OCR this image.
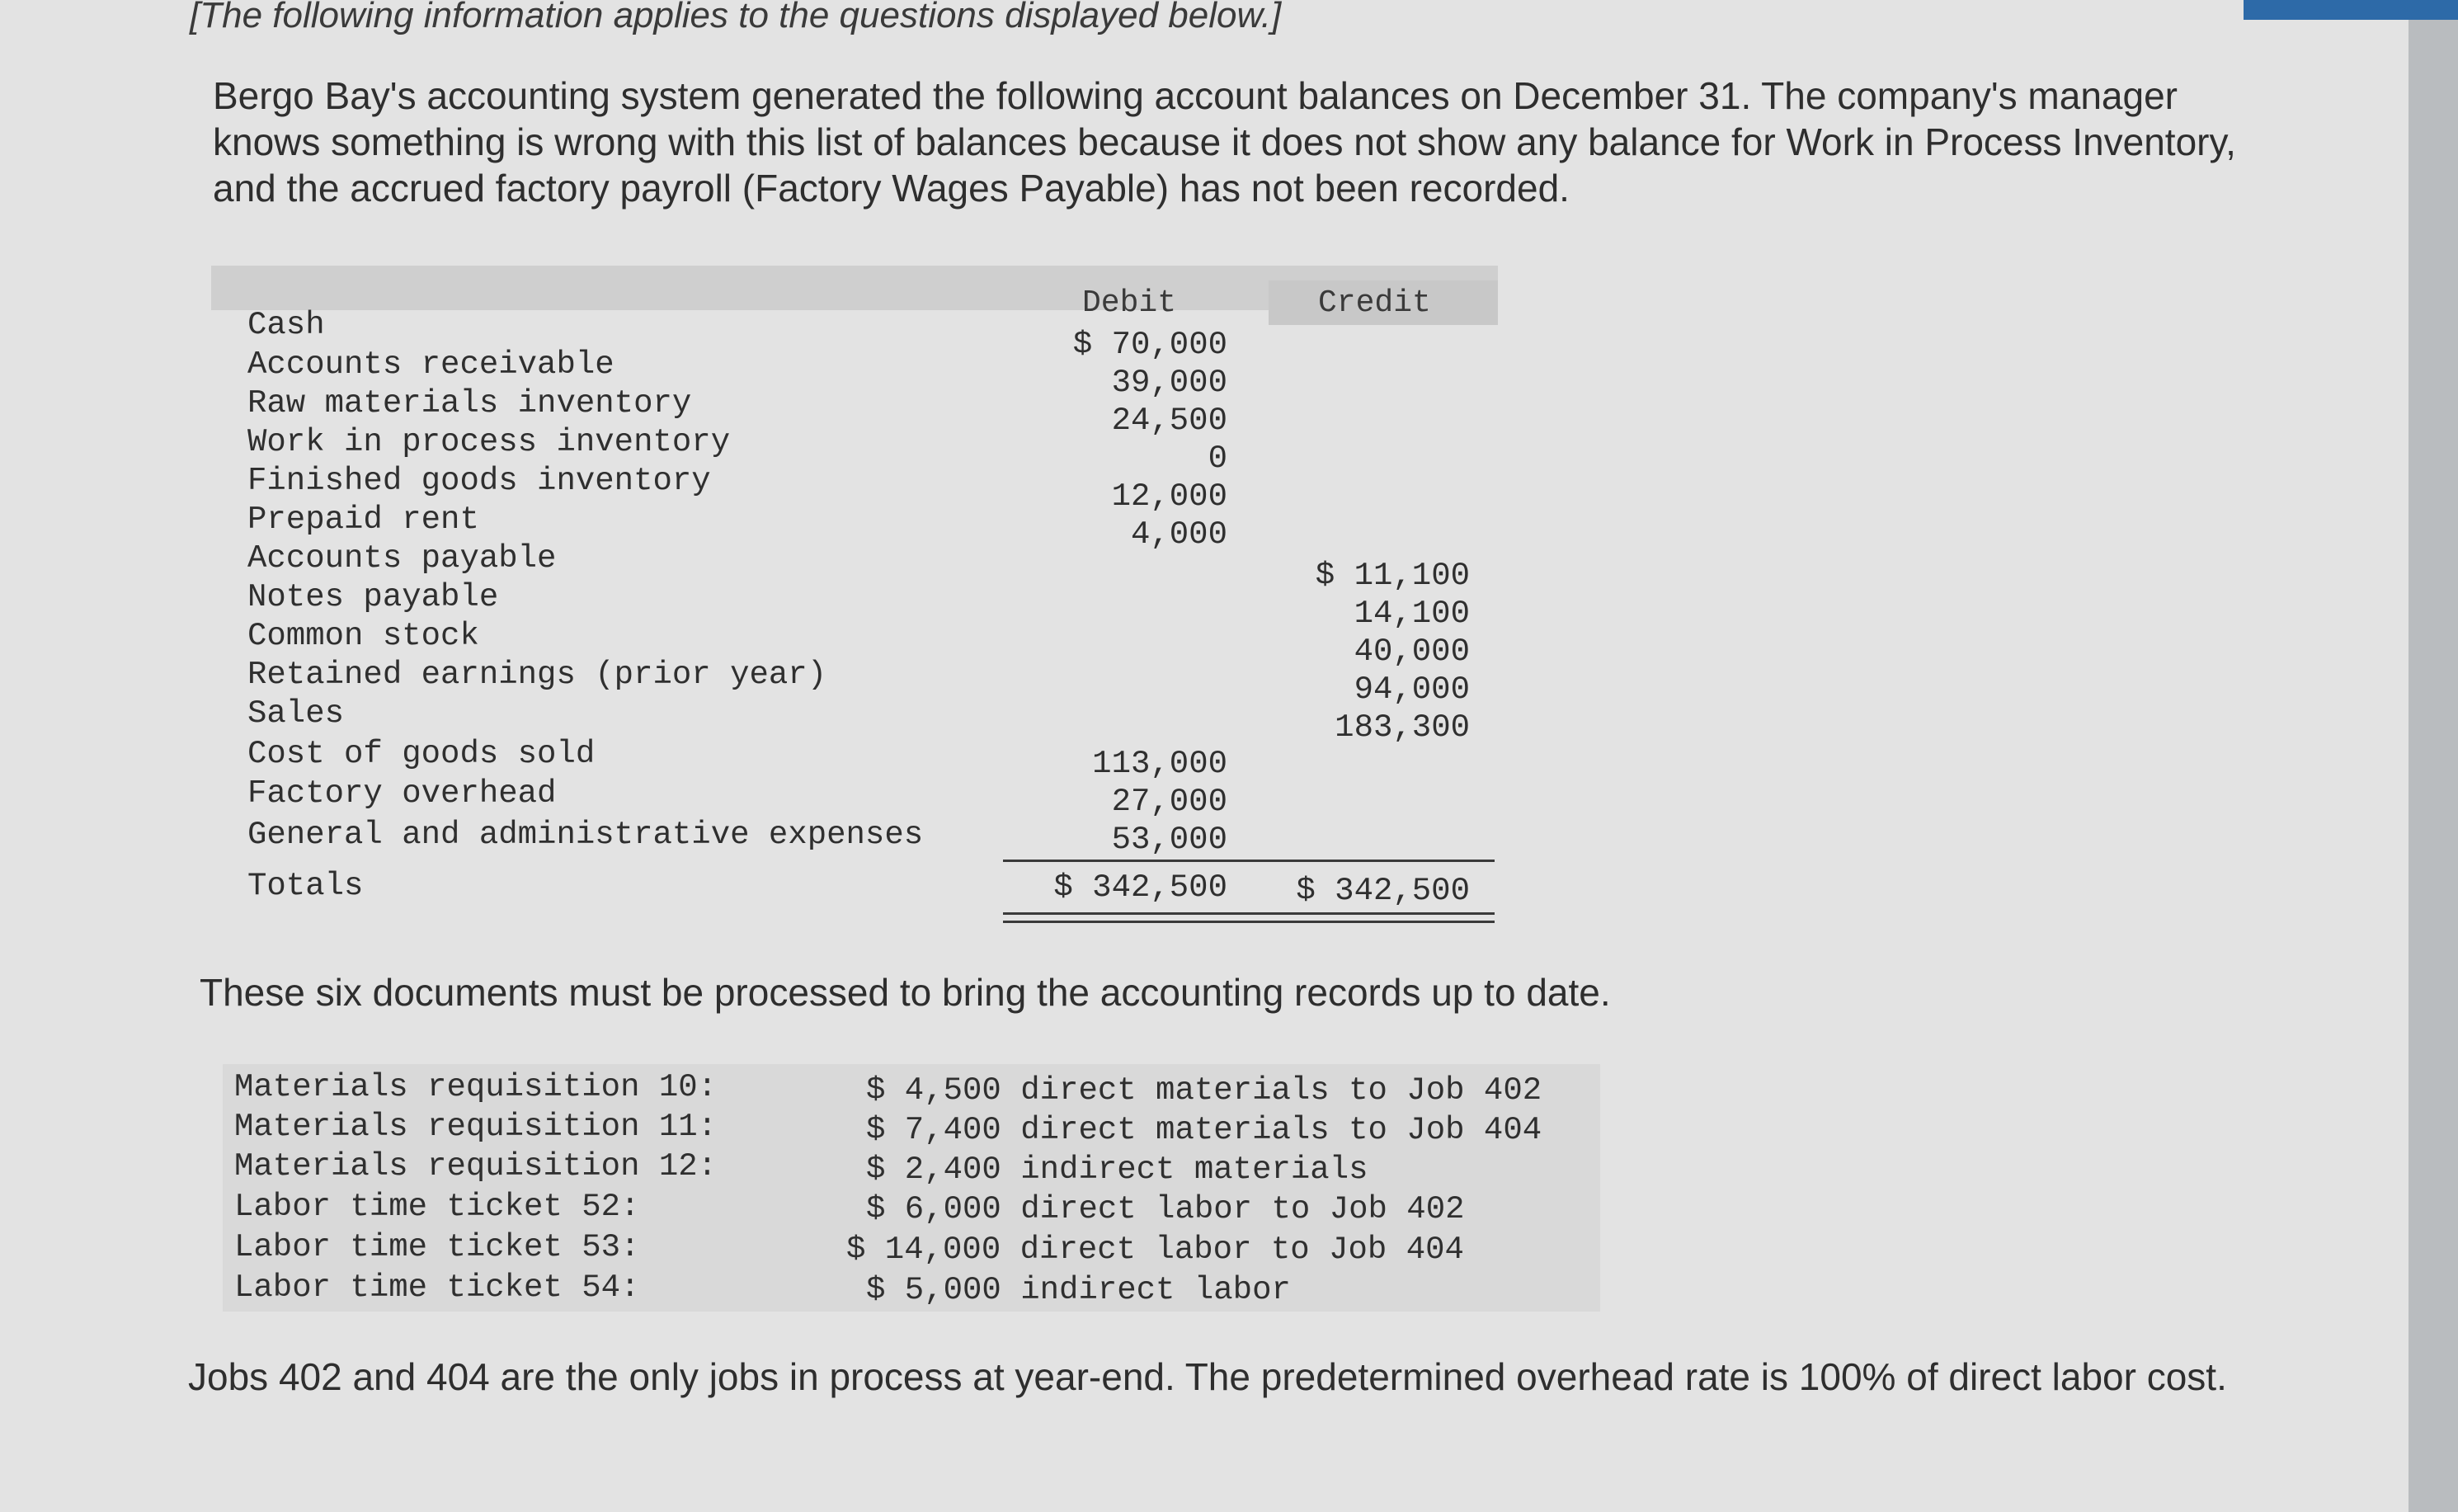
[The following information applies to the questions displayed below.]
Bergo Bay's accounting system generated the following account balances on December 31. The company's manager knows something is wrong with this list of balances because it does not show any balance for Work in Process Inventory, and the accrued factory payroll (Factory Wages Payable) has not been recorded.
Debit	Credit
Cash
Accounts receivable
Raw materials inventory
Work in process inventory
Finished goods inventory
Prepaid rent
Accounts payable
Notes payable
Common stock
Retained earnings (prior year)
Sales
Cost of goods sold
Factory overhead
General and administrative expenses
Totals
$ 70,000
39,000
24,500
0
12,000
4,000
113,000
27,000
53,000
$ 11,100
14,100
40,000
94,000
183,300
$ 342,500 $ 342,500
These six documents must be processed to bring the accounting records up to date.
Materials requisition 10:
Materials requisition 11:
Materials requisition 12:
Labor time ticket 52:
Labor time ticket 53:
Labor time ticket 54:
$ 4,500 direct materials to Job 402
$ 7,400 direct materials to Job 404
$ 2,400 indirect materials
$ 6,000 direct labor to Job 402
$ 14,000 direct labor to Job 404
$ 5,000 indirect labor
Jobs 402 and 404 are the only jobs in process at year-end. The predetermined overhead rate is 100% of direct labor cost.
